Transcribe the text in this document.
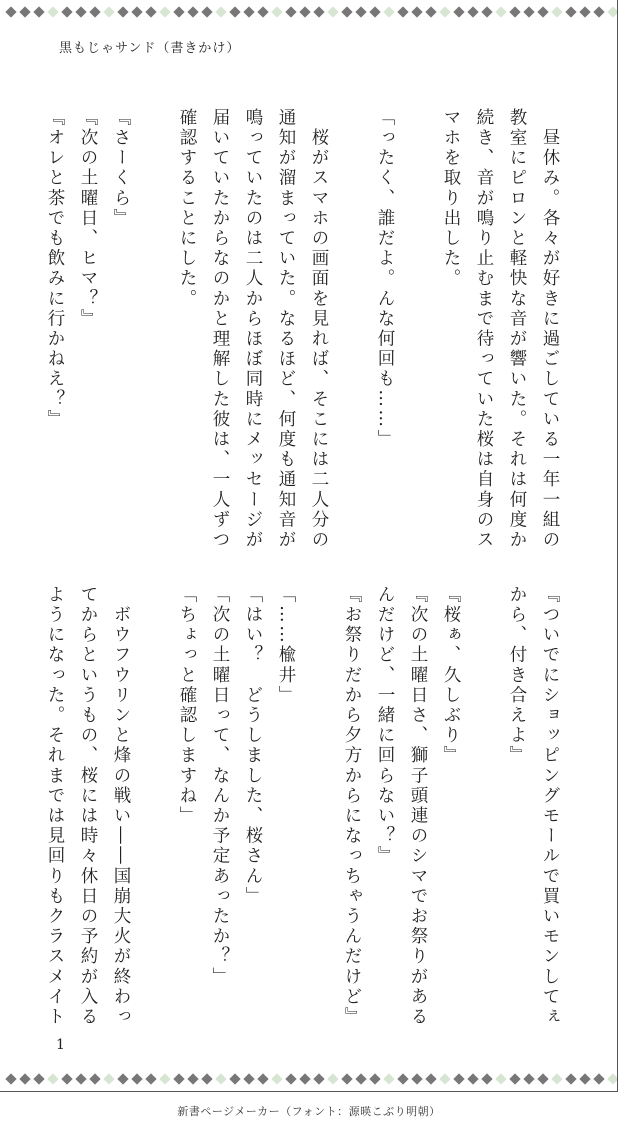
黒もじゃサンド（書きかけ）
　昼休み。各々が好きに過ごしている一年一組の
教室にピロンと軽快な音が響いた。それは何度か
続き、音が鳴り止むまで待っていた桜は自身のス
マホを取り出した。

「ったく、誰だよ。んな何回も……」

　桜がスマホの画面を見れば、そこには二人分の
通知が溜まっていた。なるほど、何度も通知音が
鳴っていたのは二人からほぼ同時にメッセージが
届いていたからなのかと理解した彼は、一人ずつ
確認することにした。

『さーくら』
『次の土曜日、ヒマ？』
『オレと茶でも飲みに行かねえ？』
『ついでにショッピングモールで買いモンしてぇ
から、付き合えよ』

『桜ぁ、久しぶり』
『次の土曜日さ、獅子頭連のシマでお祭りがある
んだけど、一緒に回らない？』
『お祭りだから夕方からになっちゃうんだけど』

「……楡井」
「はい？　どうしました、桜さん」
「次の土曜日って、なんか予定あったか？」
「ちょっと確認しますね」

　ボウフウリンと烽の戦い――国崩大火が終わっ
てからというもの、桜には時々休日の予約が入る
ようになった。それまでは見回りもクラスメイト
1
新書ページメーカー（フォント：源暎こぶり明朝）
